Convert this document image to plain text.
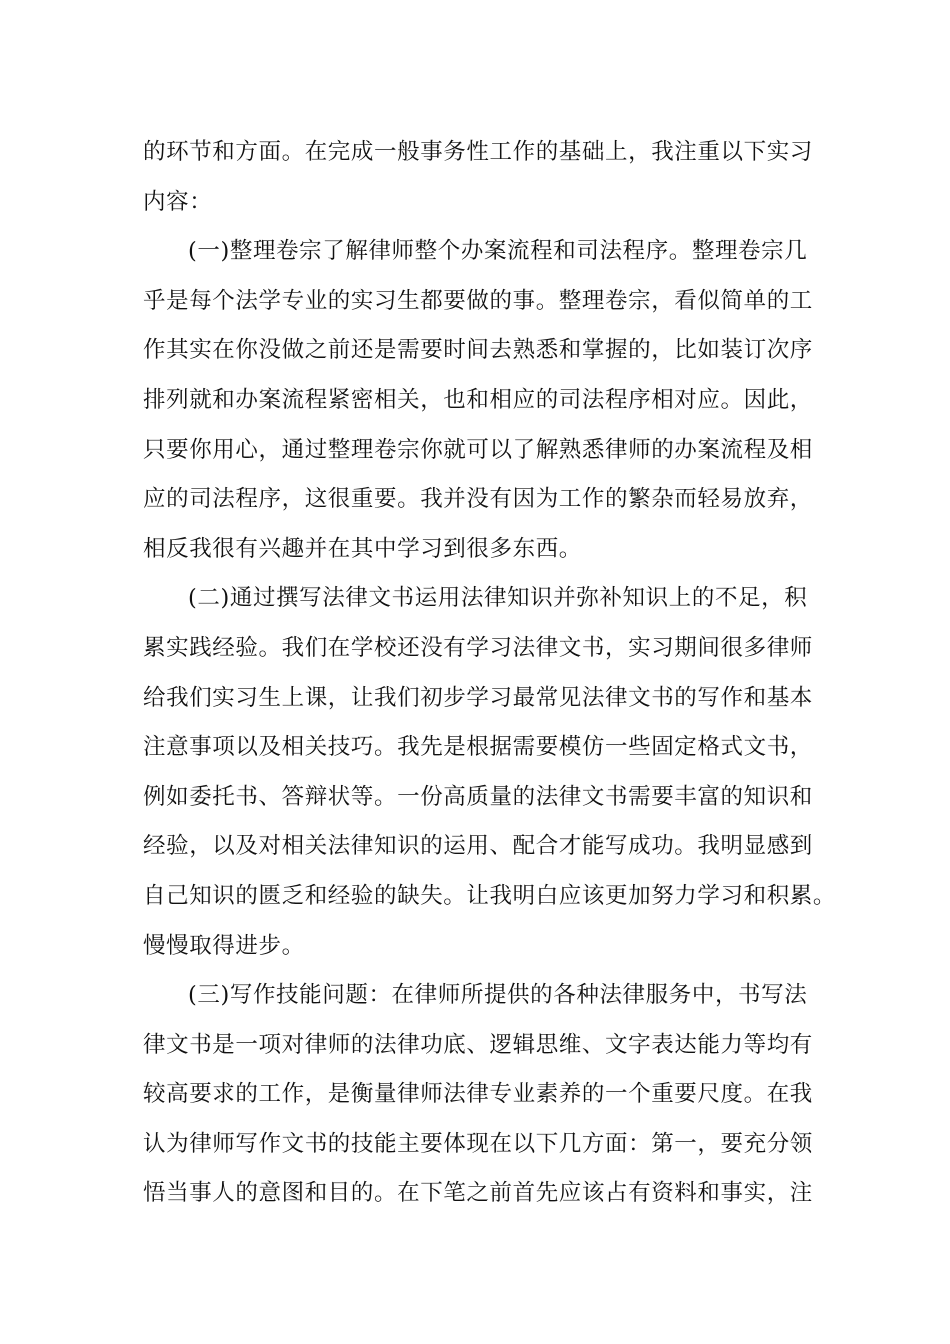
的环节和方面。在完成一般事务性工作的基础上，我注重以下实习
内容：
(一)整理卷宗了解律师整个办案流程和司法程序。整理卷宗几
乎是每个法学专业的实习生都要做的事。整理卷宗，看似简单的工
作其实在你没做之前还是需要时间去熟悉和掌握的，比如装订次序
排列就和办案流程紧密相关，也和相应的司法程序相对应。因此，
只要你用心，通过整理卷宗你就可以了解熟悉律师的办案流程及相
应的司法程序，这很重要。我并没有因为工作的繁杂而轻易放弃，
相反我很有兴趣并在其中学习到很多东西。
(二)通过撰写法律文书运用法律知识并弥补知识上的不足，积
累实践经验。我们在学校还没有学习法律文书，实习期间很多律师
给我们实习生上课，让我们初步学习最常见法律文书的写作和基本
注意事项以及相关技巧。我先是根据需要模仿一些固定格式文书，
例如委托书、答辩状等。一份高质量的法律文书需要丰富的知识和
经验，以及对相关法律知识的运用、配合才能写成功。我明显感到
自己知识的匮乏和经验的缺失。让我明白应该更加努力学习和积累。
慢慢取得进步。
(三)写作技能问题：在律师所提供的各种法律服务中，书写法
律文书是一项对律师的法律功底、逻辑思维、文字表达能力等均有
较高要求的工作，是衡量律师法律专业素养的一个重要尺度。在我
认为律师写作文书的技能主要体现在以下几方面：第一，要充分领
悟当事人的意图和目的。在下笔之前首先应该占有资料和事实，注
